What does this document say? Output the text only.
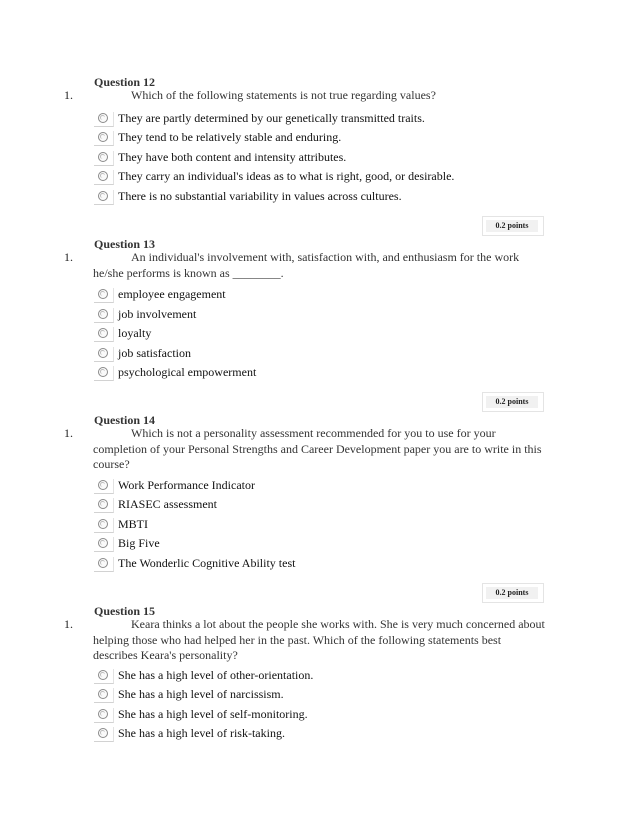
Question 12
1.	Which of the following statements is not true regarding values?
They are partly determined by our genetically transmitted traits.
They tend to be relatively stable and enduring.
They have both content and intensity attributes.
They carry an individual's ideas as to what is right, good, or desirable.
There is no substantial variability in values across cultures.
0.2 points
Question 13
1.	An individual's involvement with, satisfaction with, and enthusiasm for the work he/she performs is known as ________.
employee engagement
job involvement
loyalty
job satisfaction
psychological empowerment
0.2 points
Question 14
1.	Which is not a personality assessment recommended for you to use for your completion of your Personal Strengths and Career Development paper you are to write in this course?
Work Performance Indicator
RIASEC assessment
MBTI
Big Five
The Wonderlic Cognitive Ability test
0.2 points
Question 15
1.	Keara thinks a lot about the people she works with. She is very much concerned about helping those who had helped her in the past. Which of the following statements best describes Keara's personality?
She has a high level of other-orientation.
She has a high level of narcissism.
She has a high level of self-monitoring.
She has a high level of risk-taking.
